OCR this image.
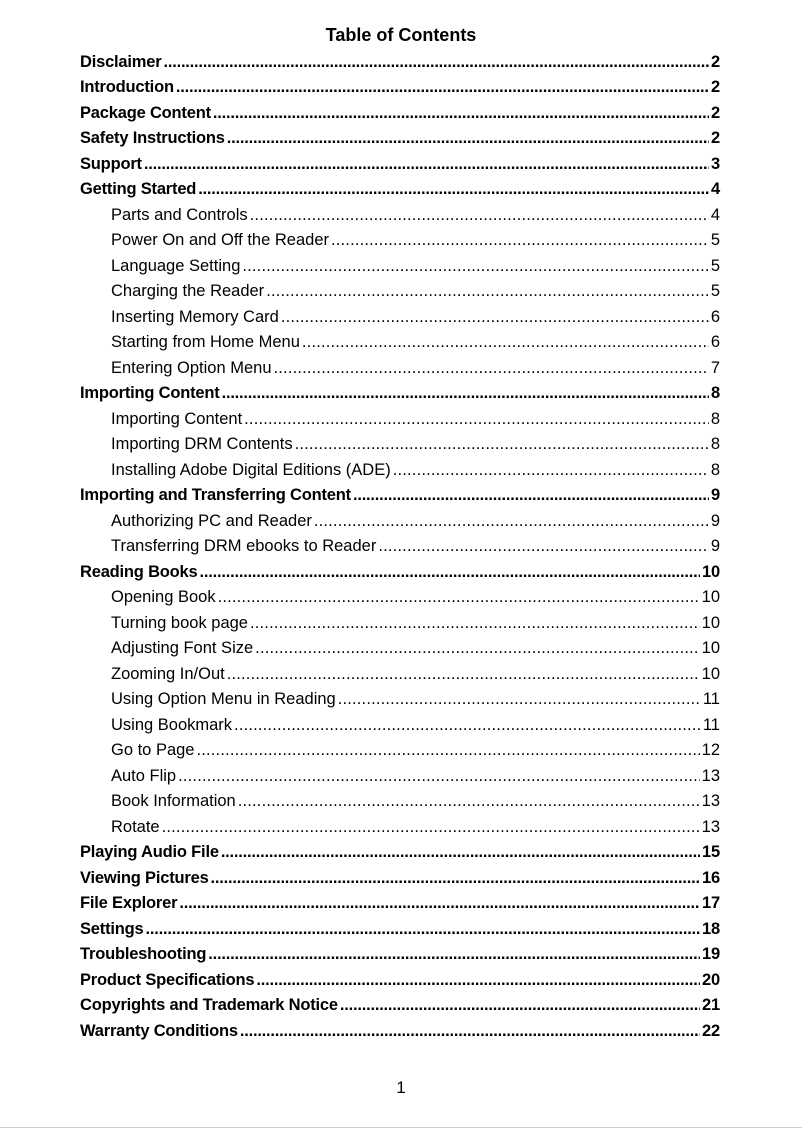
Table of Contents
Disclaimer . . .	2
Introduction . . .	2
Package Content . . .	2
Safety Instructions . . .	2
Support . . .	3
Getting Started . . .	4
Parts and Controls . . .	4
Power On and Off the Reader . . .	5
Language Setting . . .	5
Charging the Reader . . .	5
Inserting Memory Card . . .	6
Starting from Home Menu . . .	6
Entering Option Menu . . .	7
Importing Content . . .	8
Importing Content . . .	8
Importing DRM Contents . . .	8
Installing Adobe Digital Editions (ADE) . . .	8
Importing and Transferring Content . . .	9
Authorizing PC and Reader . . .	9
Transferring DRM ebooks to Reader . . .	9
Reading Books . . .	10
Opening Book . . .	10
Turning book page . . .	10
Adjusting Font Size . . .	10
Zooming In/Out . . .	10
Using Option Menu in Reading . . .	11
Using Bookmark . . .	11
Go to Page . . .	12
Auto Flip . . .	13
Book Information . . .	13
Rotate . . .	13
Playing Audio File . . .	15
Viewing Pictures . . .	16
File Explorer . . .	17
Settings . . .	18
Troubleshooting . . .	19
Product Specifications . . .	20
Copyrights and Trademark Notice . . .	21
Warranty Conditions . . .	22
1
